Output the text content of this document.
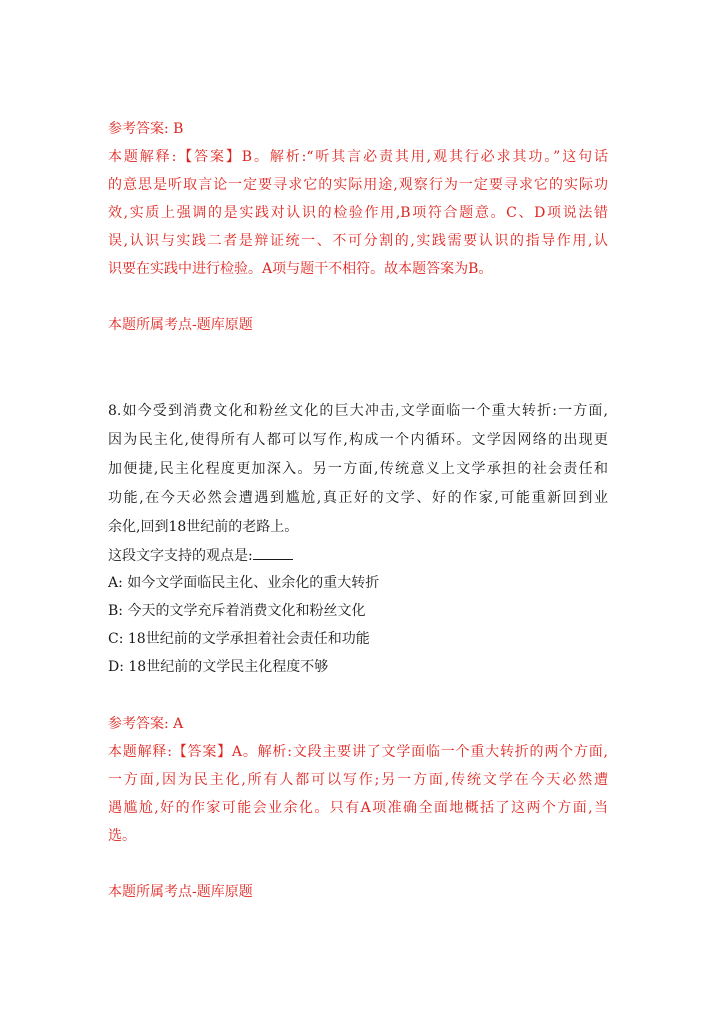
参考答案: B
本题解释:【答案】B。解析:“听其言必责其用,观其行必求其功。”这句话
的意思是听取言论一定要寻求它的实际用途,观察行为一定要寻求它的实际功
效,实质上强调的是实践对认识的检验作用,B项符合题意。C、D项说法错
误,认识与实践二者是辩证统一、不可分割的,实践需要认识的指导作用,认
识要在实践中进行检验。A项与题干不相符。故本题答案为B。
本题所属考点-题库原题
8.如今受到消费文化和粉丝文化的巨大冲击,文学面临一个重大转折:一方面,
因为民主化,使得所有人都可以写作,构成一个内循环。文学因网络的出现更
加便捷,民主化程度更加深入。另一方面,传统意义上文学承担的社会责任和
功能,在今天必然会遭遇到尴尬,真正好的文学、好的作家,可能重新回到业
余化,回到18世纪前的老路上。
这段文字支持的观点是:
A: 如今文学面临民主化、业余化的重大转折
B: 今天的文学充斥着消费文化和粉丝文化
C: 18世纪前的文学承担着社会责任和功能
D: 18世纪前的文学民主化程度不够
参考答案: A
本题解释:【答案】A。解析:文段主要讲了文学面临一个重大转折的两个方面,
一方面,因为民主化,所有人都可以写作;另一方面,传统文学在今天必然遭
遇尴尬,好的作家可能会业余化。只有A项准确全面地概括了这两个方面,当
选。
本题所属考点-题库原题
